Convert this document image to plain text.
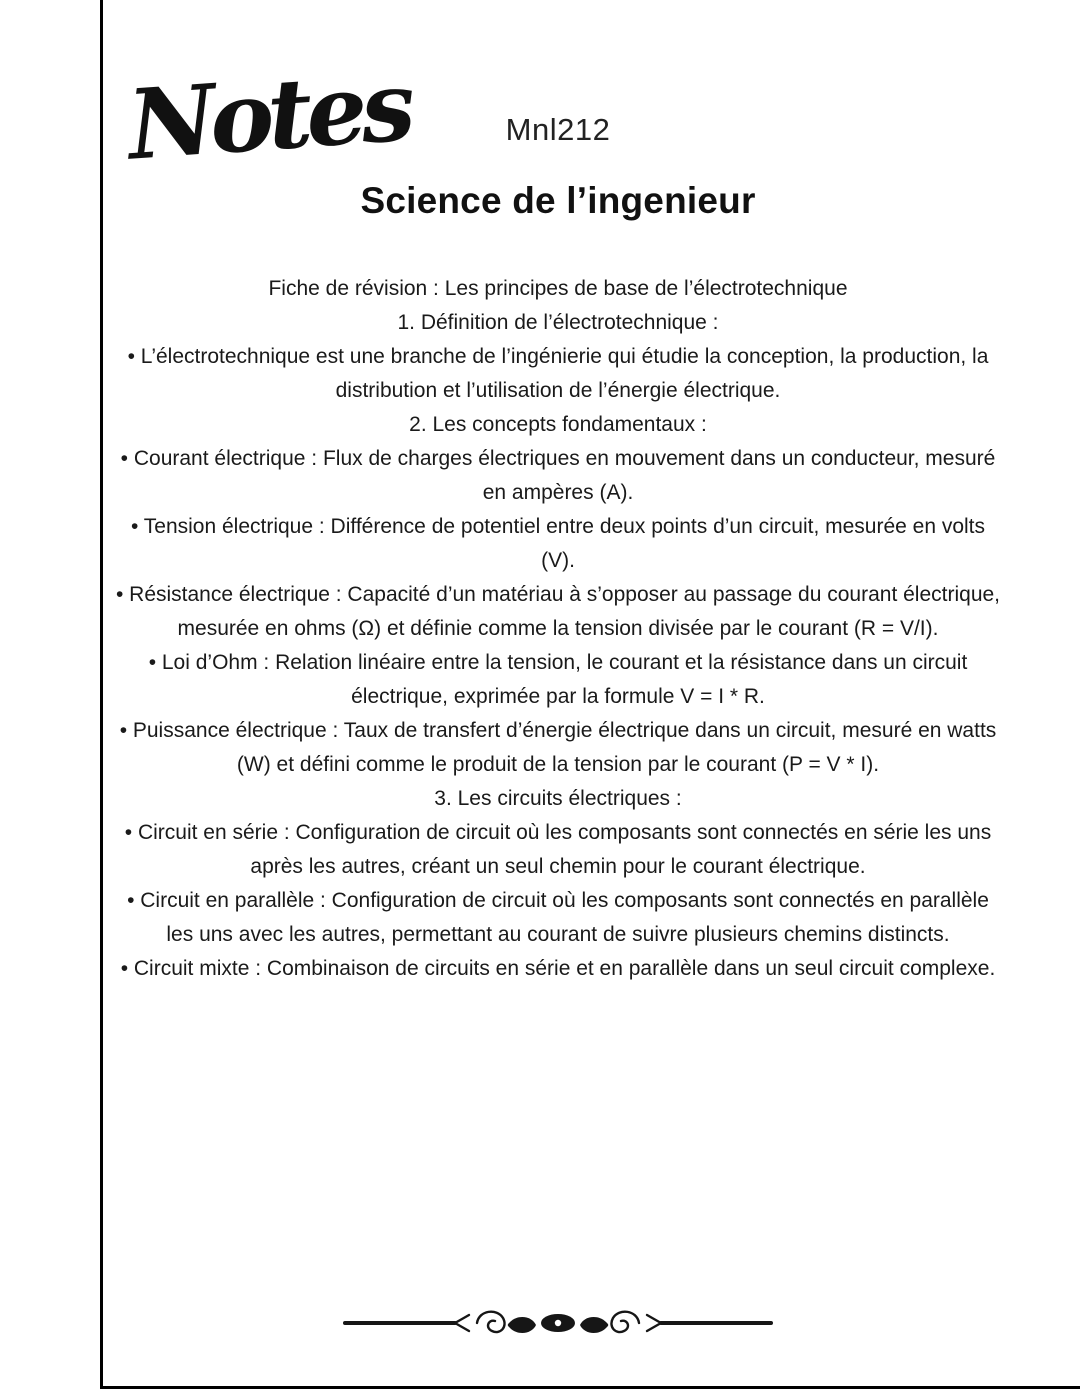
Notes	Mnl212
Science de l’ingenieur

Fiche de révision : Les principes de base de l’électrotechnique

1. Définition de l’électrotechnique :

• L’électrotechnique est une branche de l’ingénierie qui étudie la conception, la production, la distribution et l’utilisation de l’énergie électrique.

2. Les concepts fondamentaux :

• Courant électrique : Flux de charges électriques en mouvement dans un conducteur, mesuré en ampères (A).

• Tension électrique : Différence de potentiel entre deux points d’un circuit, mesurée en volts (V).

• Résistance électrique : Capacité d’un matériau à s’opposer au passage du courant électrique, mesurée en ohms (Ω) et définie comme la tension divisée par le courant (R = V/I).

• Loi d’Ohm : Relation linéaire entre la tension, le courant et la résistance dans un circuit électrique, exprimée par la formule V = I * R.

• Puissance électrique : Taux de transfert d’énergie électrique dans un circuit, mesuré en watts (W) et défini comme le produit de la tension par le courant (P = V * I).

3. Les circuits électriques :

• Circuit en série : Configuration de circuit où les composants sont connectés en série les uns après les autres, créant un seul chemin pour le courant électrique.

• Circuit en parallèle : Configuration de circuit où les composants sont connectés en parallèle les uns avec les autres, permettant au courant de suivre plusieurs chemins distincts.

• Circuit mixte : Combinaison de circuits en série et en parallèle dans un seul circuit complexe.
